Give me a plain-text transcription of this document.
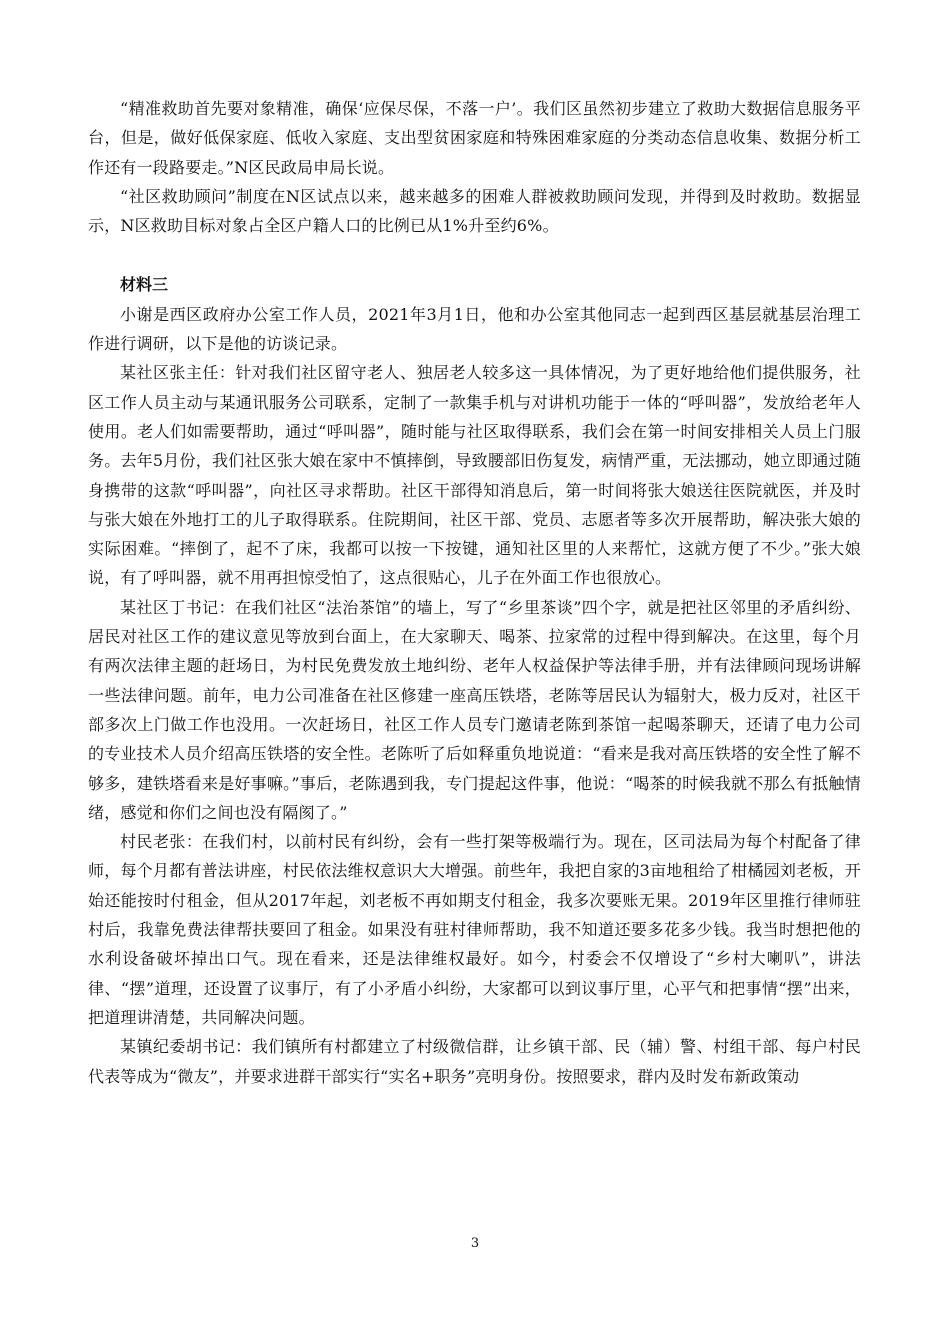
“精准救助首先要对象精准，确保‘应保尽保，不落一户’。我们区虽然初步建立了救助大数据信息服务平台，但是，做好低保家庭、低收入家庭、支出型贫困家庭和特殊困难家庭的分类动态信息收集、数据分析工作还有一段路要走。”N区民政局申局长说。

“社区救助顾问”制度在N区试点以来，越来越多的困难人群被救助顾问发现，并得到及时救助。数据显示，N区救助目标对象占全区户籍人口的比例已从1%升至约6%。

材料三

小谢是西区政府办公室工作人员，2021年3月1日，他和办公室其他同志一起到西区基层就基层治理工作进行调研，以下是他的访谈记录。

某社区张主任：针对我们社区留守老人、独居老人较多这一具体情况，为了更好地给他们提供服务，社区工作人员主动与某通讯服务公司联系，定制了一款集手机与对讲机功能于一体的“呼叫器”，发放给老年人使用。老人们如需要帮助，通过“呼叫器”，随时能与社区取得联系，我们会在第一时间安排相关人员上门服务。去年5月份，我们社区张大娘在家中不慎摔倒，导致腰部旧伤复发，病情严重，无法挪动，她立即通过随身携带的这款“呼叫器”，向社区寻求帮助。社区干部得知消息后，第一时间将张大娘送往医院就医，并及时与张大娘在外地打工的儿子取得联系。住院期间，社区干部、党员、志愿者等多次开展帮助，解决张大娘的实际困难。“摔倒了，起不了床，我都可以按一下按键，通知社区里的人来帮忙，这就方便了不少。”张大娘说，有了呼叫器，就不用再担惊受怕了，这点很贴心，儿子在外面工作也很放心。

某社区丁书记：在我们社区“法治茶馆”的墙上，写了“乡里茶谈”四个字，就是把社区邻里的矛盾纠纷、居民对社区工作的建议意见等放到台面上，在大家聊天、喝茶、拉家常的过程中得到解决。在这里，每个月有两次法律主题的赶场日，为村民免费发放土地纠纷、老年人权益保护等法律手册，并有法律顾问现场讲解一些法律问题。前年，电力公司准备在社区修建一座高压铁塔，老陈等居民认为辐射大，极力反对，社区干部多次上门做工作也没用。一次赶场日，社区工作人员专门邀请老陈到茶馆一起喝茶聊天，还请了电力公司的专业技术人员介绍高压铁塔的安全性。老陈听了后如释重负地说道：“看来是我对高压铁塔的安全性了解不够多，建铁塔看来是好事嘛。”事后，老陈遇到我，专门提起这件事，他说：“喝茶的时候我就不那么有抵触情绪，感觉和你们之间也没有隔阂了。”

村民老张：在我们村，以前村民有纠纷，会有一些打架等极端行为。现在，区司法局为每个村配备了律师，每个月都有普法讲座，村民依法维权意识大大增强。前些年，我把自家的3亩地租给了柑橘园刘老板，开始还能按时付租金，但从2017年起，刘老板不再如期支付租金，我多次要账无果。2019年区里推行律师驻村后，我靠免费法律帮扶要回了租金。如果没有驻村律师帮助，我不知道还要多花多少钱。我当时想把他的水利设备破坏掉出口气。现在看来，还是法律维权最好。如今，村委会不仅增设了“乡村大喇叭”，讲法律、“摆”道理，还设置了议事厅，有了小矛盾小纠纷，大家都可以到议事厅里，心平气和把事情“摆”出来，把道理讲清楚，共同解决问题。

某镇纪委胡书记：我们镇所有村都建立了村级微信群，让乡镇干部、民（辅）警、村组干部、每户村民代表等成为“微友”，并要求进群干部实行“实名+职务”亮明身份。按照要求，群内及时发布新政策动

3
